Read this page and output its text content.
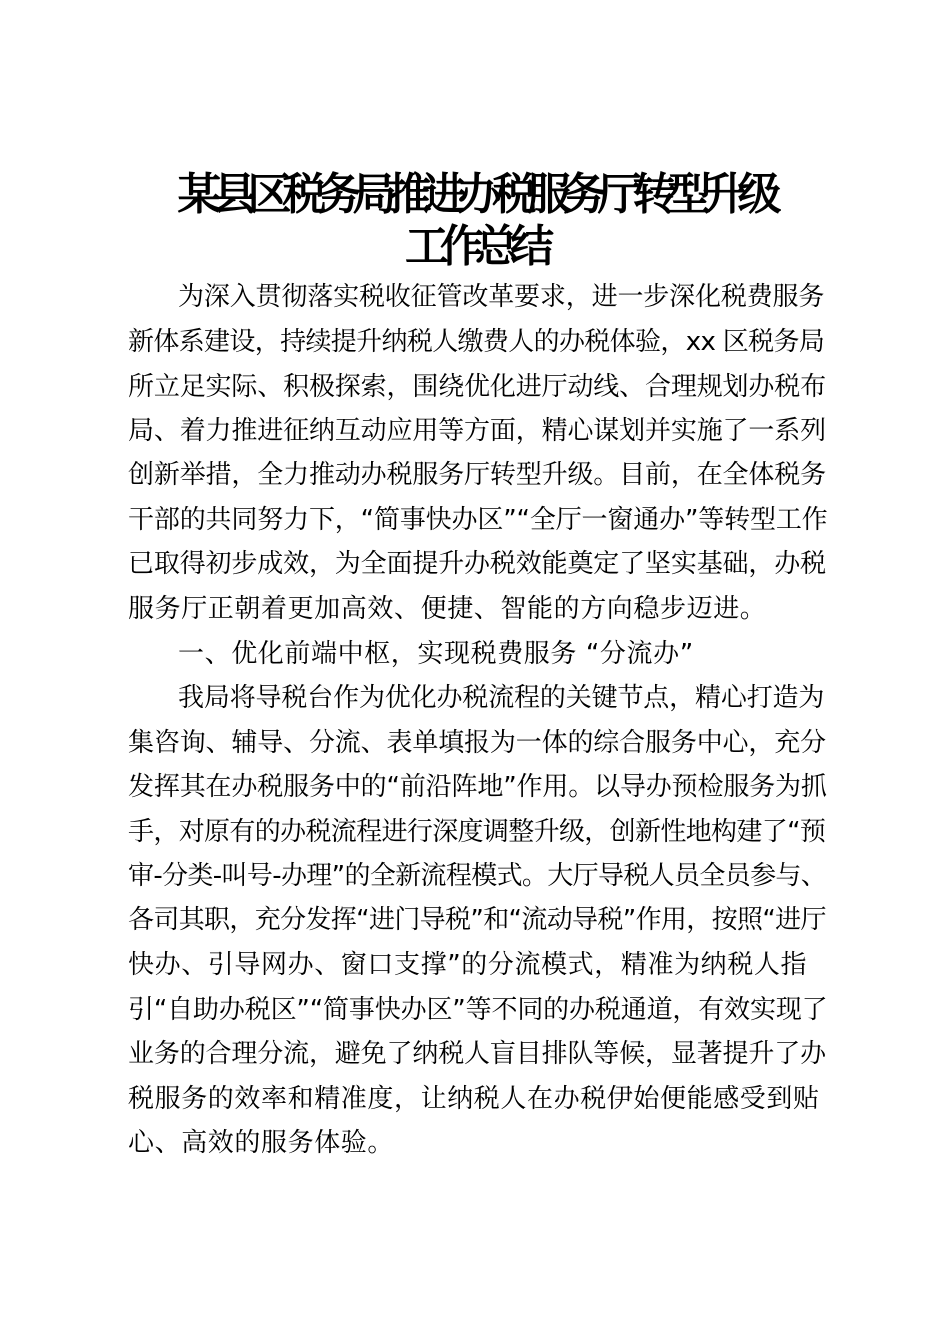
某县区税务局推进办税服务厅转型升级
工作总结

为深入贯彻落实税收征管改革要求，进一步深化税费服务

新体系建设，持续提升纳税人缴费人的办税体验，xx 区税务局

所立足实际、积极探索，围绕优化进厅动线、合理规划办税布

局、着力推进征纳互动应用等方面，精心谋划并实施了一系列

创新举措，全力推动办税服务厅转型升级。目前，在全体税务

干部的共同努力下，“简事快办区”“全厅一窗通办”等转型工作

已取得初步成效，为全面提升办税效能奠定了坚实基础，办税

服务厅正朝着更加高效、便捷、智能的方向稳步迈进。

一、优化前端中枢，实现税费服务 “分流办”

我局将导税台作为优化办税流程的关键节点，精心打造为

集咨询、辅导、分流、表单填报为一体的综合服务中心，充分

发挥其在办税服务中的“前沿阵地”作用。以导办预检服务为抓

手，对原有的办税流程进行深度调整升级，创新性地构建了“预

审-分类-叫号-办理”的全新流程模式。大厅导税人员全员参与、

各司其职，充分发挥“进门导税”和“流动导税”作用，按照“进厅

快办、引导网办、窗口支撑”的分流模式，精准为纳税人指

引“自助办税区”“简事快办区”等不同的办税通道，有效实现了

业务的合理分流，避免了纳税人盲目排队等候，显著提升了办

税服务的效率和精准度，让纳税人在办税伊始便能感受到贴

心、高效的服务体验。
